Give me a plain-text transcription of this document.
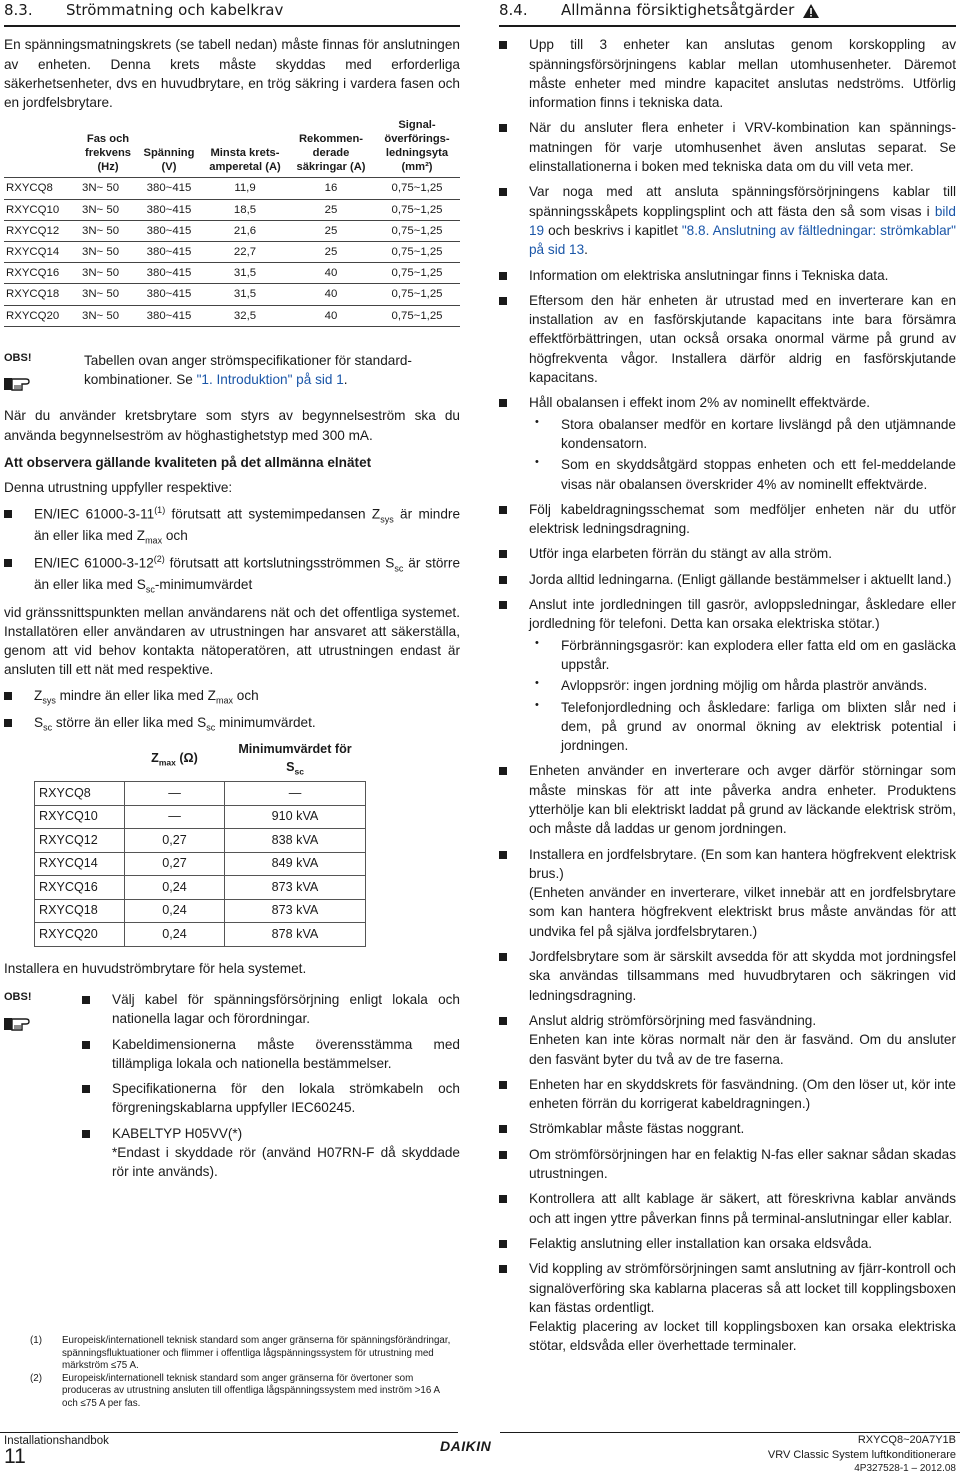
8.3.	Strömmatning och kabelkrav

En spänningsmatningskrets (se tabell nedan) måste finnas för anslutningen av enheten. Denna krets måste skyddas med erforderliga säkerhetsenheter, dvs en huvudbrytare, en trög säkring i vardera fasen och en jordfelsbrytare.

	Fas och frekvens (Hz)	Spänning (V)	Minsta krets-amperetal (A)	Rekommen-derade säkringar (A)	Signal-överförings-ledningsyta (mm²)
RXYCQ8	3N~ 50	380~415	11,9	16	0,75~1,25
RXYCQ10	3N~ 50	380~415	18,5	25	0,75~1,25
RXYCQ12	3N~ 50	380~415	21,6	25	0,75~1,25
RXYCQ14	3N~ 50	380~415	22,7	25	0,75~1,25
RXYCQ16	3N~ 50	380~415	31,5	40	0,75~1,25
RXYCQ18	3N~ 50	380~415	31,5	40	0,75~1,25
RXYCQ20	3N~ 50	380~415	32,5	40	0,75~1,25
OBS!	Tabellen ovan anger strömspecifikationer för standard-kombinationer. Se "1. Introduktion" på sid 1.

När du använder kretsbrytare som styrs av begynnelseström ska du använda begynnelseström av höghastighetstyp med 300 mA.

Att observera gällande kvaliteten på det allmänna elnätet

Denna utrustning uppfyller respektive:

EN/IEC 61000-3-11$^{(1)}$ förutsatt att systemimpedansen $Z_{sys}$ är mindre än eller lika med $Z_{max}$ och
EN/IEC 61000-3-12$^{(2)}$ förutsatt att kortslutningsströmmen $S_{sc}$ är större än eller lika med $S_{sc}$-minimumvärdet

vid gränssnittspunkten mellan användarens nät och det offentliga systemet. Installatören eller användaren av utrustningen har ansvaret att säkerställa, genom att vid behov kontakta nätoperatören, att utrustningen endast är ansluten till ett nät med respektive.

$Z_{sys}$ mindre än eller lika med $Z_{max}$ och
$S_{sc}$ större än eller lika med $S_{sc}$ minimumvärdet.
	$Z_{max}$ (Ω)	Minimumvärdet för $S_{sc}$
RXYCQ8	—	—
RXYCQ10	—	910 kVA
RXYCQ12	0,27	838 kVA
RXYCQ14	0,27	849 kVA
RXYCQ16	0,24	873 kVA
RXYCQ18	0,24	873 kVA
RXYCQ20	0,24	878 kVA

Installera en huvudströmbrytare för hela systemet.

OBS!	Välj kabel för spänningsförsörjning enligt lokala och nationella lagar och förordningar.
Kabeldimensionerna måste överensstämma med tillämpliga lokala och nationella bestämmelser.
Specifikationerna för den lokala strömkabeln och förgreningskablarna uppfyller IEC60245.
KABELTYP H05VV(*)
*Endast i skyddade rör (använd H07RN-F då skyddade rör inte används).
(1)	Europeisk/internationell teknisk standard som anger gränserna för spänningsförändringar, spänningsfluktuationer och flimmer i offentliga lågspänningssystem för utrustning med märkström ≤75 A.
(2)	Europeisk/internationell teknisk standard som anger gränserna för övertoner som produceras av utrustning ansluten till offentliga lågspänningssystem med inström >16 A och ≤75 A per fas.
8.4.	Allmänna försiktighetsåtgärder
Upp till 3 enheter kan anslutas genom korskoppling av spänningsförsörjningens kablar mellan utomhusenheter. Däremot måste enheter med mindre kapacitet anslutas nedströms. Utförlig information finns i tekniska data.
När du ansluter flera enheter i VRV-kombination kan spännings-matningen för varje utomhusenhet även anslutas separat. Se elinstallationerna i boken med tekniska data om du vill veta mer.
Var noga med att ansluta spänningsförsörjningens kablar till spänningsskåpets kopplingsplint och att fästa den så som visas i bild 19 och beskrivs i kapitlet "8.8. Anslutning av fältledningar: strömkablar" på sid 13.
Information om elektriska anslutningar finns i Tekniska data.
Eftersom den här enheten är utrustad med en inverterare kan en installation av en fasförskjutande kapacitans inte bara försämra effektförbättringen, utan också orsaka onormal värme på grund av högfrekventa vågor. Installera därför aldrig en fasförskjutande kapacitans.
Håll obalansen i effekt inom 2% av nominellt effektvärde.
• Stora obalanser medför en kortare livslängd på den utjämnande kondensatorn.
• Som en skyddsåtgärd stoppas enheten och ett fel-meddelande visas när obalansen överskrider 4% av nominellt effektvärde.
Följ kabeldragningsschemat som medföljer enheten när du utför elektrisk ledningsdragning.
Utför inga elarbeten förrän du stängt av alla ström.
Jorda alltid ledningarna. (Enligt gällande bestämmelser i aktuellt land.)
Anslut inte jordledningen till gasrör, avloppsledningar, åskledare eller jordledning för telefoni. Detta kan orsaka elektriska stötar.)
• Förbränningsgasrör: kan explodera eller fatta eld om en gasläcka uppstår.
• Avloppsrör: ingen jordning möjlig om hårda plaströr används.
• Telefonjordledning och åskledare: farliga om blixten slår ned i dem, på grund av onormal ökning av elektrisk potential i jordningen.
Enheten använder en inverterare och avger därför störningar som måste minskas för att inte påverka andra enheter. Produktens ytterhölje kan bli elektriskt laddat på grund av läckande elektrisk ström, och måste då laddas ur genom jordningen.
Installera en jordfelsbrytare. (En som kan hantera högfrekvent elektrisk brus.)
(Enheten använder en inverterare, vilket innebär att en jordfelsbrytare som kan hantera högfrekvent elektriskt brus måste användas för att undvika fel på själva jordfelsbrytaren.)
Jordfelsbrytare som är särskilt avsedda för att skydda mot jordningsfel ska användas tillsammans med huvudbrytaren och säkringen vid ledningsdragning.
Anslut aldrig strömförsörjning med fasvändning.
Enheten kan inte köras normalt när den är fasvänd. Om du ansluter den fasvänt byter du två av de tre faserna.
Enheten har en skyddskrets för fasvändning. (Om den löser ut, kör inte enheten förrän du korrigerat kabeldragningen.)
Strömkablar måste fästas noggrant.
Om strömförsörjningen har en felaktig N-fas eller saknar sådan skadas utrustningen.
Kontrollera att allt kablage är säkert, att föreskrivna kablar används och att ingen yttre påverkan finns på terminal-anslutningar eller kablar.
Felaktig anslutning eller installation kan orsaka eldsvåda.
Vid koppling av strömförsörjningen samt anslutning av fjärr-kontroll och signalöverföring ska kablarna placeras så att locket till kopplingsboxen kan fästas ordentligt.
Felaktig placering av locket till kopplingsboxen kan orsaka elektriska stötar, eldsvåda eller överhettade terminaler.
Installationshandbok
11	DAIKIN	RXYCQ8~20A7Y1B
VRV Classic System luftkonditionerare
4P327528-1 – 2012.08
